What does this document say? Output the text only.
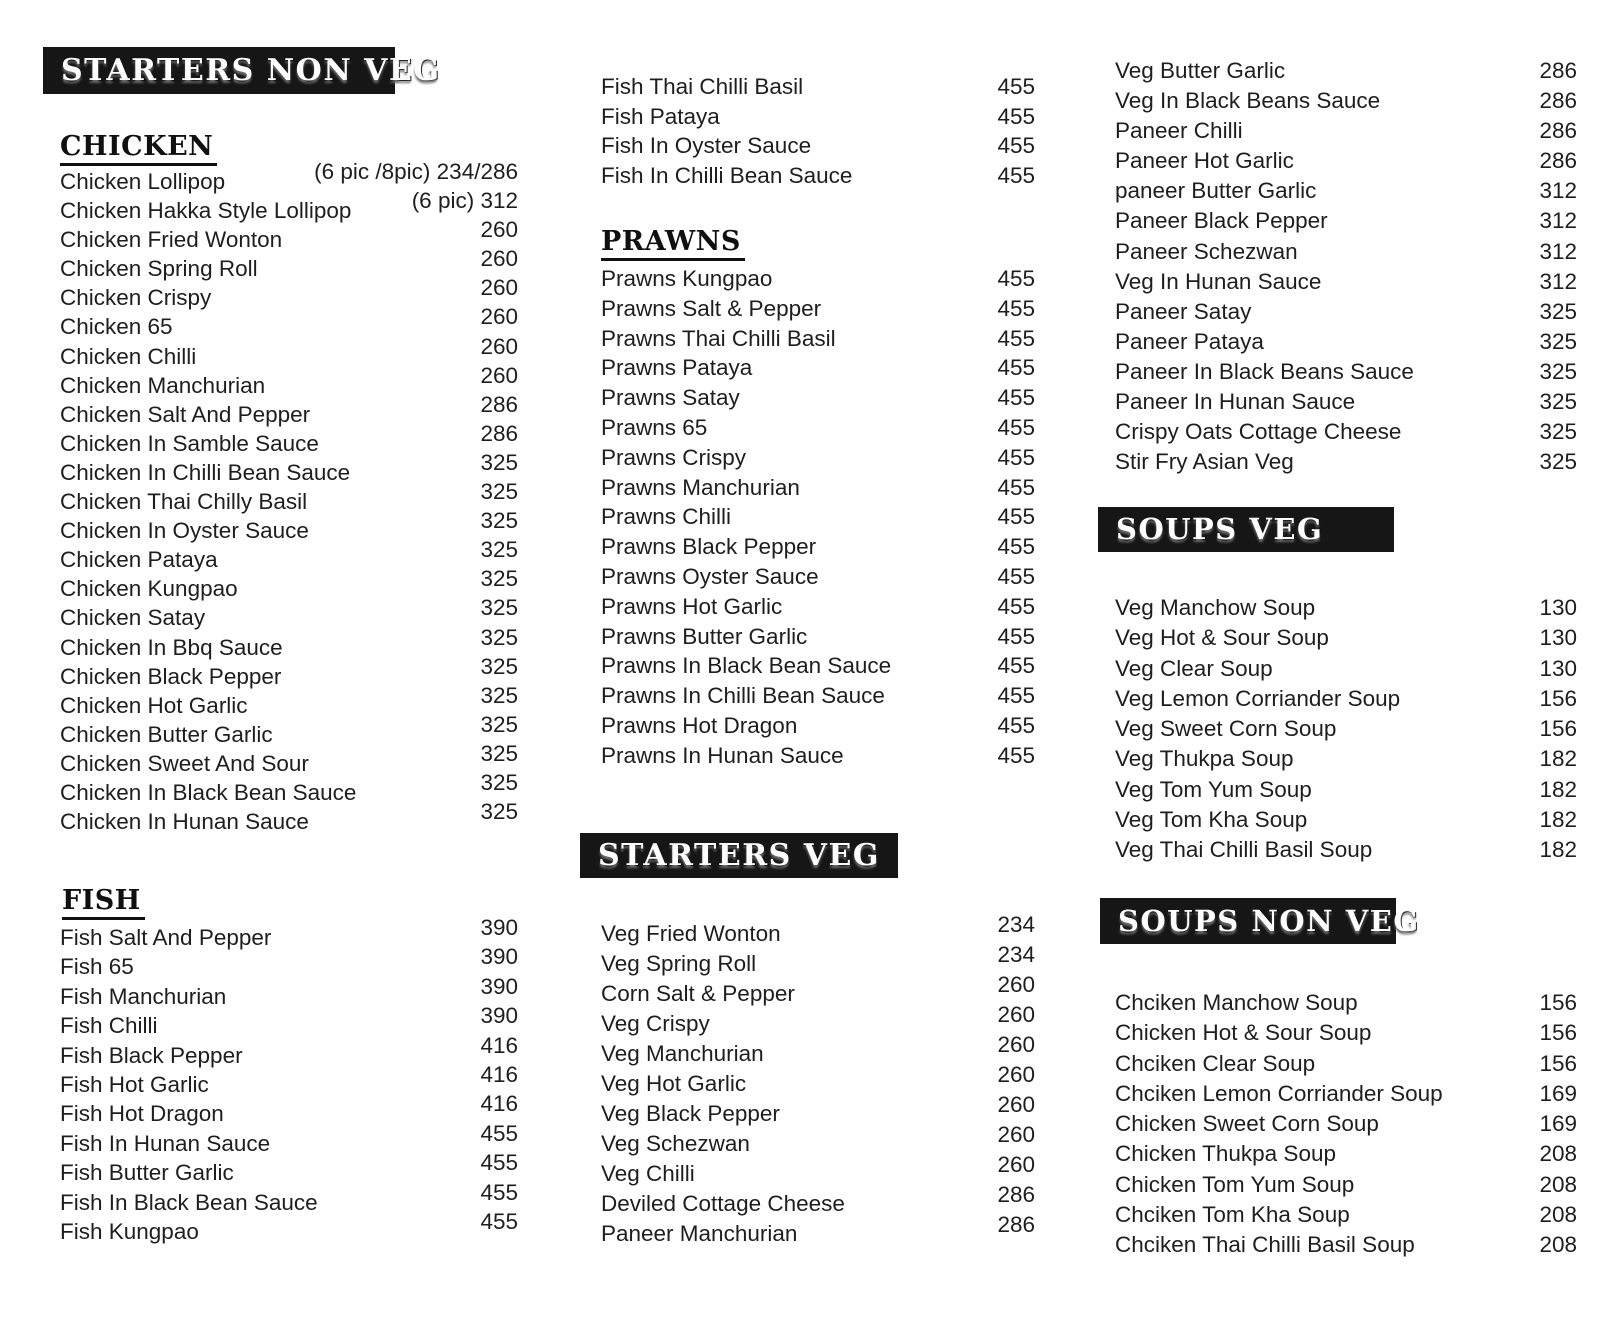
STARTERS NON VEG
CHICKEN
Chicken Lollipop	(6 pic /8pic) 234/286
Chicken Hakka Style Lollipop	(6 pic) 312
Chicken Fried Wonton	260
Chicken Spring Roll	260
Chicken Crispy	260
Chicken 65	260
Chicken Chilli	260
Chicken Manchurian	260
Chicken Salt And Pepper	286
Chicken In Samble Sauce	286
Chicken In Chilli Bean Sauce	325
Chicken Thai Chilly Basil	325
Chicken In Oyster Sauce	325
Chicken Pataya	325
Chicken Kungpao	325
Chicken Satay	325
Chicken In Bbq Sauce	325
Chicken Black Pepper	325
Chicken Hot Garlic	325
Chicken Butter Garlic	325
Chicken Sweet And Sour	325
Chicken In Black Bean Sauce	325
Chicken In Hunan Sauce	325
FISH
Fish Salt And Pepper	390
Fish 65	390
Fish Manchurian	390
Fish Chilli	390
Fish Black Pepper	416
Fish Hot Garlic	416
Fish Hot Dragon	416
Fish In Hunan Sauce	455
Fish Butter Garlic	455
Fish In Black Bean Sauce	455
Fish Kungpao	455
Fish Thai Chilli Basil	455
Fish Pataya	455
Fish In Oyster Sauce	455
Fish In Chilli Bean Sauce	455
PRAWNS
Prawns Kungpao	455
Prawns Salt & Pepper	455
Prawns Thai Chilli Basil	455
Prawns Pataya	455
Prawns Satay	455
Prawns 65	455
Prawns Crispy	455
Prawns Manchurian	455
Prawns Chilli	455
Prawns Black Pepper	455
Prawns Oyster Sauce	455
Prawns Hot Garlic	455
Prawns Butter Garlic	455
Prawns In Black Bean Sauce	455
Prawns In Chilli Bean Sauce	455
Prawns Hot Dragon	455
Prawns In Hunan Sauce	455
STARTERS VEG
Veg Fried Wonton	234
Veg Spring Roll	234
Corn Salt & Pepper	260
Veg Crispy	260
Veg Manchurian	260
Veg Hot Garlic	260
Veg Black Pepper	260
Veg Schezwan	260
Veg Chilli	260
Deviled Cottage Cheese	286
Paneer Manchurian	286
Veg Butter Garlic	286
Veg In Black Beans Sauce	286
Paneer Chilli	286
Paneer Hot Garlic	286
paneer Butter Garlic	312
Paneer Black Pepper	312
Paneer Schezwan	312
Veg In Hunan Sauce	312
Paneer Satay	325
Paneer Pataya	325
Paneer In Black Beans Sauce	325
Paneer In Hunan Sauce	325
Crispy Oats Cottage Cheese	325
Stir Fry Asian Veg	325
SOUPS VEG
Veg Manchow Soup	130
Veg Hot & Sour Soup	130
Veg Clear Soup	130
Veg Lemon Corriander Soup	156
Veg Sweet Corn Soup	156
Veg Thukpa Soup	182
Veg Tom Yum Soup	182
Veg Tom Kha Soup	182
Veg Thai Chilli Basil Soup	182
SOUPS NON VEG
Chciken Manchow Soup	156
Chicken Hot & Sour Soup	156
Chciken Clear Soup	156
Chciken Lemon Corriander Soup	169
Chicken Sweet Corn Soup	169
Chicken Thukpa Soup	208
Chicken Tom Yum Soup	208
Chciken Tom Kha Soup	208
Chciken Thai Chilli Basil Soup	208
